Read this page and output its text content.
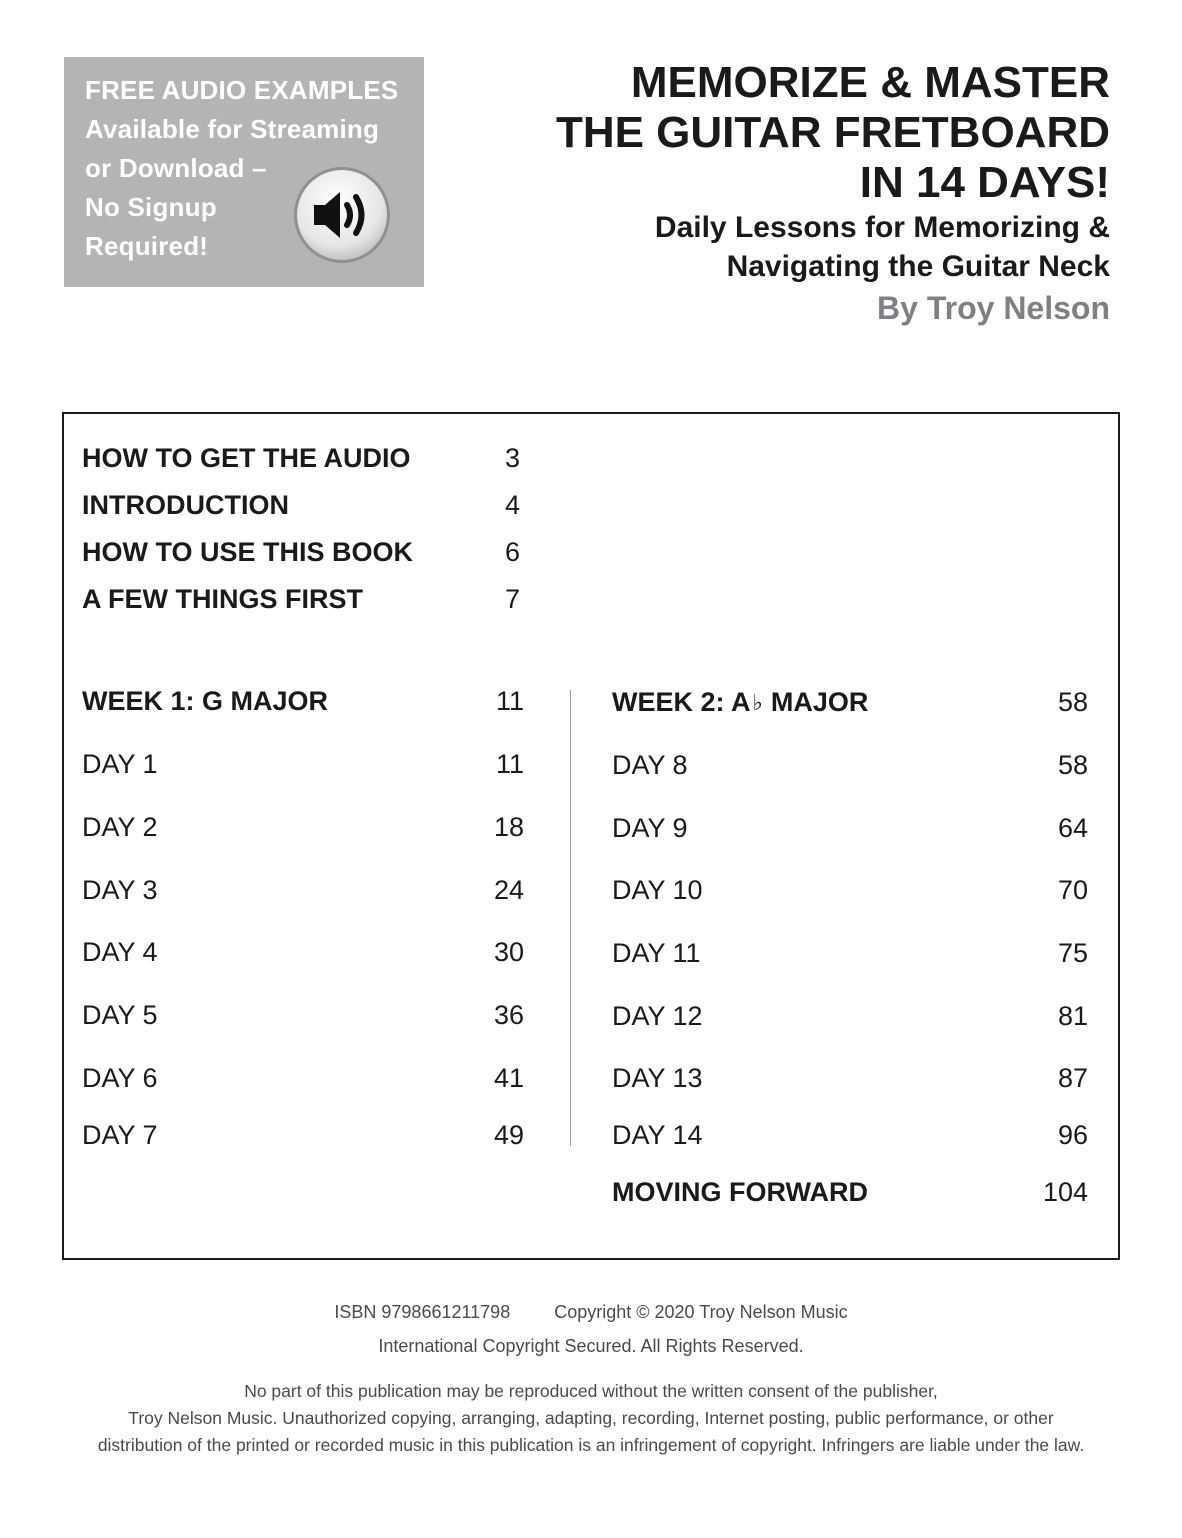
FREE AUDIO EXAMPLES
Available for Streaming
or Download –
No Signup
Required!
MEMORIZE & MASTER
THE GUITAR FRETBOARD
IN 14 DAYS!
Daily Lessons for Memorizing &
Navigating the Guitar Neck
By Troy Nelson
HOW TO GET THE AUDIO	3
INTRODUCTION	4
HOW TO USE THIS BOOK	6
A FEW THINGS FIRST	7
WEEK 1: G MAJOR	11
DAY 1	11
DAY 2	18
DAY 3	24
DAY 4	30
DAY 5	36
DAY 6	41
DAY 7	49
WEEK 2: A♭ MAJOR	58
DAY 8	58
DAY 9	64
DAY 10	70
DAY 11	75
DAY 12	81
DAY 13	87
DAY 14	96
MOVING FORWARD	104
ISBN 9798661211798 Copyright © 2020 Troy Nelson Music
International Copyright Secured. All Rights Reserved.
No part of this publication may be reproduced without the written consent of the publisher,
Troy Nelson Music. Unauthorized copying, arranging, adapting, recording, Internet posting, public performance, or other
distribution of the printed or recorded music in this publication is an infringement of copyright. Infringers are liable under the law.
